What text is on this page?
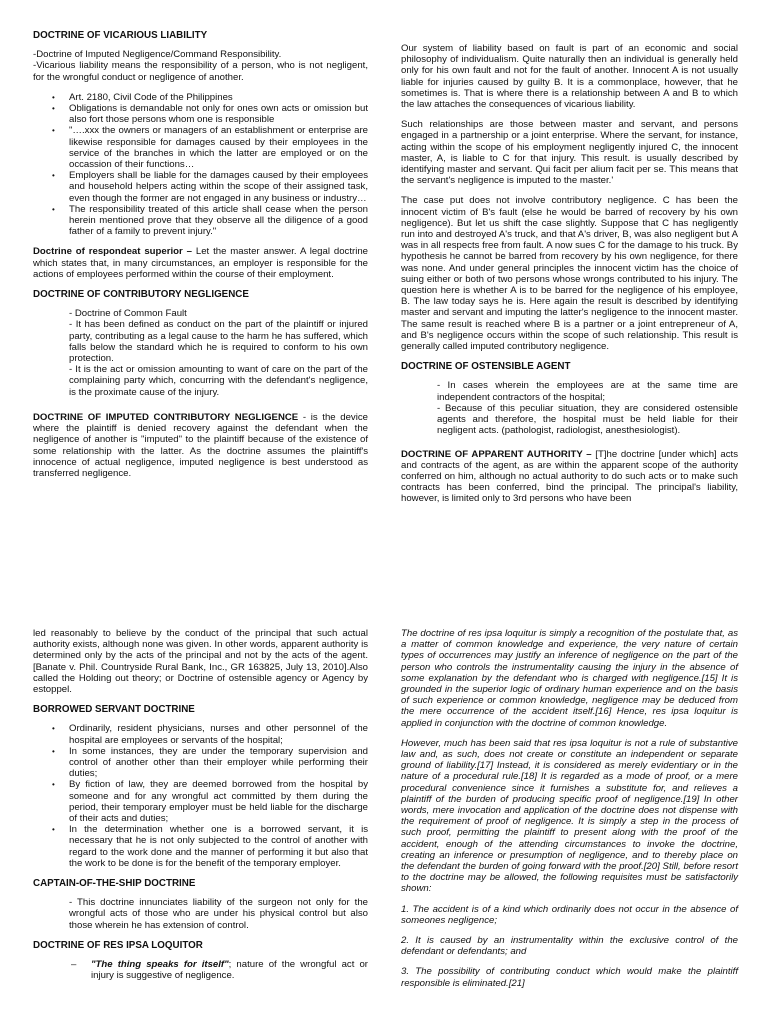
DOCTRINE OF VICARIOUS LIABILITY
-Doctrine of Imputed Negligence/Command Responsibility.

-Vicarious liability means the responsibility of a person, who is not negligent, for the wrongful conduct or negligence of another.

• Art. 2180, Civil Code of the Philippines
• Obligations is demandable not only for ones own acts or omission but also fort those persons whom one is responsible
• "….xxx the owners or managers of an establishment or enterprise are likewise responsible for damages caused by their employees in the service of the branches in which the latter are employed or on the occassion of their functions…
• Employers shall be liable for the damages caused by their employees and household helpers acting within the scope of their assigned task, even though the former are not engaged in any business or industry…
• The responsibility treated of this article shall cease when the person herein mentioned prove that they observe all the diligence of a good father of a family to prevent injury."

Doctrine of respondeat superior – Let the master answer. A legal doctrine which states that, in many circumstances, an employer is responsible for the actions of employees performed within the course of their employment.

DOCTRINE OF CONTRIBUTORY NEGLIGENCE
- Doctrine of Common Fault
- It has been defined as conduct on the part of the plaintiff or injured party, contributing as a legal cause to the harm he has suffered, which falls below the standard which he is required to conform to his own protection.
- It is the act or omission amounting to want of care on the part of the complaining party which, concurring with the defendant's negligence, is the proximate cause of the injury.

DOCTRINE OF IMPUTED CONTRIBUTORY NEGLIGENCE - is the device where the plaintiff is denied recovery against the defendant when the negligence of another is "imputed" to the plaintiff because of the existence of some relationship with the latter. As the doctrine assumes the plaintiff's innocence of actual negligence, imputed negligence is best understood as transferred negligence.

Our system of liability based on fault is part of an economic and social philosophy of individualism. Quite naturally then an individual is generally held only for his own fault and not for the fault of another. Innocent A is not usually liable for injuries caused by guilty B. It is a commonplace, however, that he sometimes is. That is where there is a relationship between A and B to which the law attaches the consequences of vicarious liability.

Such relationships are those between master and servant, and persons engaged in a partnership or a joint enterprise. Where the servant, for instance, acting within the scope of his employment negligently injured C, the innocent master, A, is liable to C for that injury. This result. is usually described by identifying master and servant. Qui facit per alium facit per se. This means that the servant's negligence is imputed to the master.'

The case put does not involve contributory negligence. C has been the innocent victim of B's fault (else he would be barred of recovery by his own negligence). But let us shift the case slightly. Suppose that C has negligently run into and destroyed A's truck, and that A's driver, B, was also negligent but A was in all respects free from fault. A now sues C for the damage to his truck. By hypothesis he cannot be barred from recovery by his own negligence, for there was none. And under general principles the innocent victim has the choice of suing either or both of two persons whose wrongs contributed to his injury. The question here is whether A is to be barred for the negligence of his employee, B. The law today says he is. Here again the result is described by identifying master and servant and imputing the latter's negligence to the innocent master. The same result is reached where B is a partner or a joint entrepreneur of A, and B's negligence occurs within the scope of such relationship. This result is generally called imputed contributory negligence.

DOCTRINE OF OSTENSIBLE AGENT
- In cases wherein the employees are at the same time are independent contractors of the hospital;
- Because of this peculiar situation, they are considered ostensible agents and therefore, the hospital must be held liable for their negligent acts. (pathologist, radiologist, anesthesiologist).

DOCTRINE OF APPARENT AUTHORITY – [T]he doctrine [under which] acts and contracts of the agent, as are within the apparent scope of the authority conferred on him, although no actual authority to do such acts or to make such contracts has been conferred, bind the principal. The principal's liability, however, is limited only to 3rd persons who have been

led reasonably to believe by the conduct of the principal that such actual authority exists, although none was given. In other words, apparent authority is determined only by the acts of the principal and not by the acts of the agent. [Banate v. Phil. Countryside Rural Bank, Inc., GR 163825, July 13, 2010].Also called the Holding out theory; or Doctrine of ostensible agency or Agency by estoppel.

BORROWED SERVANT DOCTRINE
• Ordinarily, resident physicians, nurses and other personnel of the hospital are employees or servants of the hospital;
• In some instances, they are under the temporary supervision and control of another other than their employer while performing their duties;
• By fiction of law, they are deemed borrowed from the hospital by someone and for any wrongful act committed by them during the period, their temporary employer must be held liable for the discharge of their acts and duties;
• In the determination whether one is a borrowed servant, it is necessary that he is not only subjected to the control of another with regard to the work done and the manner of performing it but also that the work to be done is for the benefit of the temporary employer.
CAPTAIN-OF-THE-SHIP DOCTRINE

- This doctrine innunciates liability of the surgeon not only for the wrongful acts of those who are under his physical control but also those wherein he has extension of control.

DOCTRINE OF RES IPSA LOQUITOR
– "The thing speaks for itself"; nature of the wrongful act or injury is suggestive of negligence.

The doctrine of res ipsa loquitur is simply a recognition of the postulate that, as a matter of common knowledge and experience, the very nature of certain types of occurrences may justify an inference of negligence on the part of the person who controls the instrumentality causing the injury in the absence of some explanation by the defendant who is charged with negligence.[15] It is grounded in the superior logic of ordinary human experience and on the basis of such experience or common knowledge, negligence may be deduced from the mere occurrence of the accident itself.[16] Hence, res ipsa loquitur is applied in conjunction with the doctrine of common knowledge.

However, much has been said that res ipsa loquitur is not a rule of substantive law and, as such, does not create or constitute an independent or separate ground of liability.[17] Instead, it is considered as merely evidentiary or in the nature of a procedural rule.[18] It is regarded as a mode of proof, or a mere procedural convenience since it furnishes a substitute for, and relieves a plaintiff of the burden of producing specific proof of negligence.[19] In other words, mere invocation and application of the doctrine does not dispense with the requirement of proof of negligence. It is simply a step in the process of such proof, permitting the plaintiff to present along with the proof of the accident, enough of the attending circumstances to invoke the doctrine, creating an inference or presumption of negligence, and to thereby place on the defendant the burden of going forward with the proof.[20] Still, before resort to the doctrine may be allowed, the following requisites must be satisfactorily shown:

1. The accident is of a kind which ordinarily does not occur in the absence of someones negligence;

2. It is caused by an instrumentality within the exclusive control of the defendant or defendants; and

3. The possibility of contributing conduct which would make the plaintiff responsible is eliminated.[21]
